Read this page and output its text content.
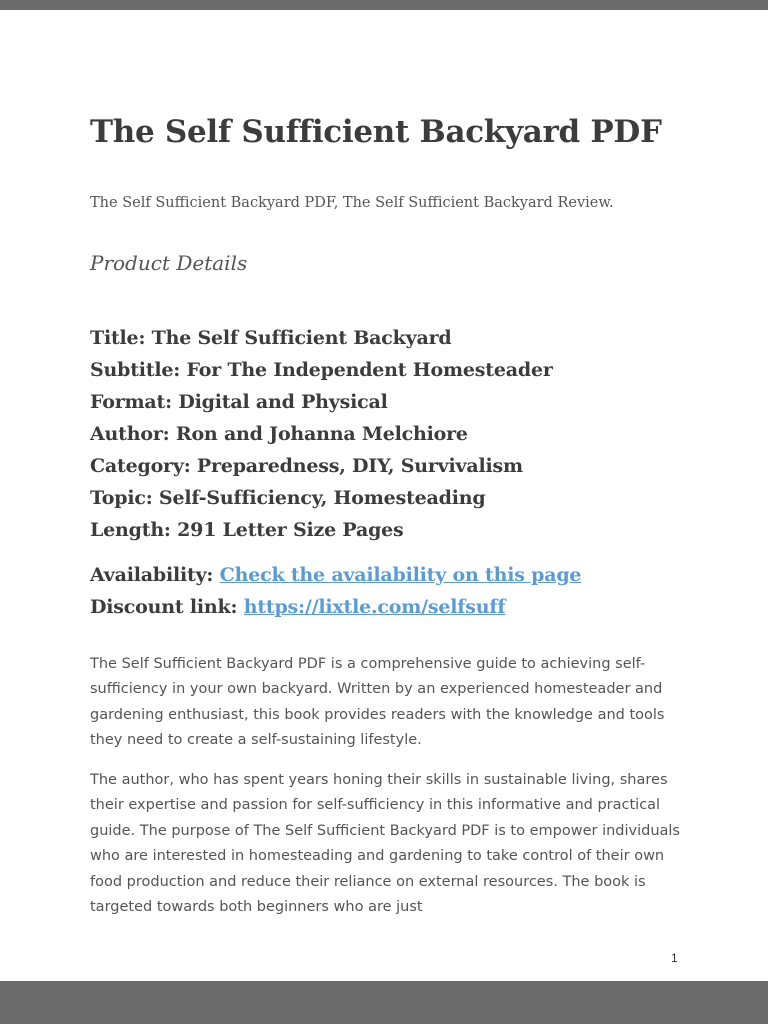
The Self Sufficient Backyard PDF

The Self Sufficient Backyard PDF, The Self Sufficient Backyard Review.

Product Details

Title: The Self Sufficient Backyard
Subtitle: For The Independent Homesteader
Format: Digital and Physical
Author: Ron and Johanna Melchiore
Category: Preparedness, DIY, Survivalism
Topic: Self-Sufficiency, Homesteading
Length: 291 Letter Size Pages
Availability: Check the availability on this page
Discount link: https://lixtle.com/selfsuff

The Self Sufficient Backyard PDF is a comprehensive guide to achieving self-sufficiency in your own backyard. Written by an experienced homesteader and gardening enthusiast, this book provides readers with the knowledge and tools they need to create a self-sustaining lifestyle.

The author, who has spent years honing their skills in sustainable living, shares their expertise and passion for self-sufficiency in this informative and practical guide. The purpose of The Self Sufficient Backyard PDF is to empower individuals who are interested in homesteading and gardening to take control of their own food production and reduce their reliance on external resources. The book is targeted towards both beginners who are just

1
